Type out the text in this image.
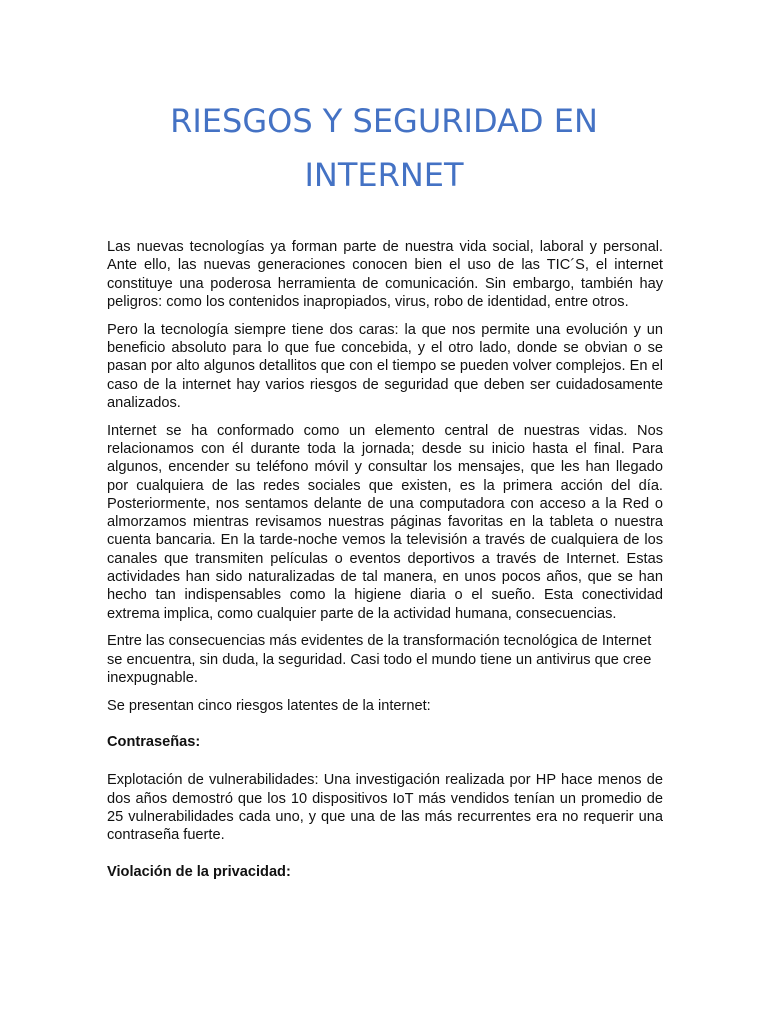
RIESGOS Y SEGURIDAD EN INTERNET

Las nuevas tecnologías ya forman parte de nuestra vida social, laboral y personal. Ante ello, las nuevas generaciones conocen bien el uso de las TIC´S, el internet constituye una poderosa herramienta de comunicación. Sin embargo, también hay peligros: como los contenidos inapropiados, virus, robo de identidad, entre otros.

Pero la tecnología siempre tiene dos caras: la que nos permite una evolución y un beneficio absoluto para lo que fue concebida, y el otro lado, donde se obvian o se pasan por alto algunos detallitos que con el tiempo se pueden volver complejos. En el caso de la internet hay varios riesgos de seguridad que deben ser cuidadosamente analizados.

Internet se ha conformado como un elemento central de nuestras vidas. Nos relacionamos con él durante toda la jornada; desde su inicio hasta el final. Para algunos, encender su teléfono móvil y consultar los mensajes, que les han llegado por cualquiera de las redes sociales que existen, es la primera acción del día. Posteriormente, nos sentamos delante de una computadora con acceso a la Red o almorzamos mientras revisamos nuestras páginas favoritas en la tableta o nuestra cuenta bancaria. En la tarde-noche vemos la televisión a través de cualquiera de los canales que transmiten películas o eventos deportivos a través de Internet. Estas actividades han sido naturalizadas de tal manera, en unos pocos años, que se han hecho tan indispensables como la higiene diaria o el sueño. Esta conectividad extrema implica, como cualquier parte de la actividad humana, consecuencias.

Entre las consecuencias más evidentes de la transformación tecnológica de Internet se encuentra, sin duda, la seguridad. Casi todo el mundo tiene un antivirus que cree inexpugnable.

Se presentan cinco riesgos latentes de la internet:

Contraseñas:

Explotación de vulnerabilidades: Una investigación realizada por HP hace menos de dos años demostró que los 10 dispositivos IoT más vendidos tenían un promedio de 25 vulnerabilidades cada uno, y que una de las más recurrentes era no requerir una contraseña fuerte.

Violación de la privacidad:
